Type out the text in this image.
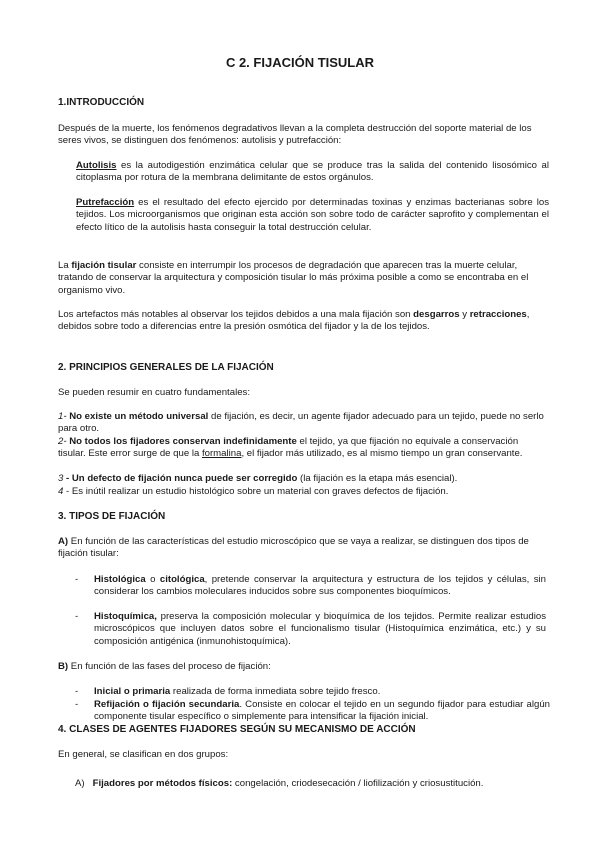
C 2. FIJACIÓN TISULAR
1.INTRODUCCIÓN

Después de la muerte, los fenómenos degradativos llevan a la completa destrucción del soporte material de los seres vivos, se distinguen dos fenómenos: autolisis y putrefacción:

Autolisis es la autodigestión enzimática celular que se produce tras la salida del contenido lisosómico al citoplasma por rotura de la membrana delimitante de estos orgánulos.

Putrefacción es el resultado del efecto ejercido por determinadas toxinas y enzimas bacterianas sobre los tejidos. Los microorganismos que originan esta acción son sobre todo de carácter saprofito y complementan el efecto lítico de la autolisis hasta conseguir la total destrucción celular.

La fijación tisular consiste en interrumpir los procesos de degradación que aparecen tras la muerte celular, tratando de conservar la arquitectura y composición tisular lo más próxima posible a como se encontraba en el organismo vivo.

Los artefactos más notables al observar los tejidos debidos a una mala fijación son desgarros y retracciones, debidos sobre todo a diferencias entre la presión osmótica del fijador y la de los tejidos.

2. PRINCIPIOS GENERALES DE LA FIJACIÓN

Se pueden resumir en cuatro fundamentales:

1- No existe un método universal de fijación, es decir, un agente fijador adecuado para un tejido, puede no serlo para otro.

2- No todos los fijadores conservan indefinidamente el tejido, ya que fijación no equivale a conservación tisular. Este error surge de que la formalina, el fijador más utilizado, es al mismo tiempo un gran conservante.

3 - Un defecto de fijación nunca puede ser corregido (la fijación es la etapa más esencial).

4 - Es inútil realizar un estudio histológico sobre un material con graves defectos de fijación.

3. TIPOS DE FIJACIÓN

A) En función de las características del estudio microscópico que se vaya a realizar, se distinguen dos tipos de fijación tisular:

- Histológica o citológica, pretende conservar la arquitectura y estructura de los tejidos y células, sin considerar los cambios moleculares inducidos sobre sus componentes bioquímicos.

- Histoquímica, preserva la composición molecular y bioquímica de los tejidos. Permite realizar estudios microscópicos que incluyen datos sobre el funcionalismo tisular (Histoquímica enzimática, etc.) y su composición antigénica (inmunohistoquímica).

B) En función de las fases del proceso de fijación:

- Inicial o primaria realizada de forma inmediata sobre tejido fresco.

- Refijación o fijación secundaria. Consiste en colocar el tejido en un segundo fijador para estudiar algún componente tisular específico o simplemente para intensificar la fijación inicial.

4. CLASES DE AGENTES FIJADORES SEGÚN SU MECANISMO DE ACCIÓN

En general, se clasifican en dos grupos:

A) Fijadores por métodos físicos: congelación, criodesecación / liofilización y criosustitución.
